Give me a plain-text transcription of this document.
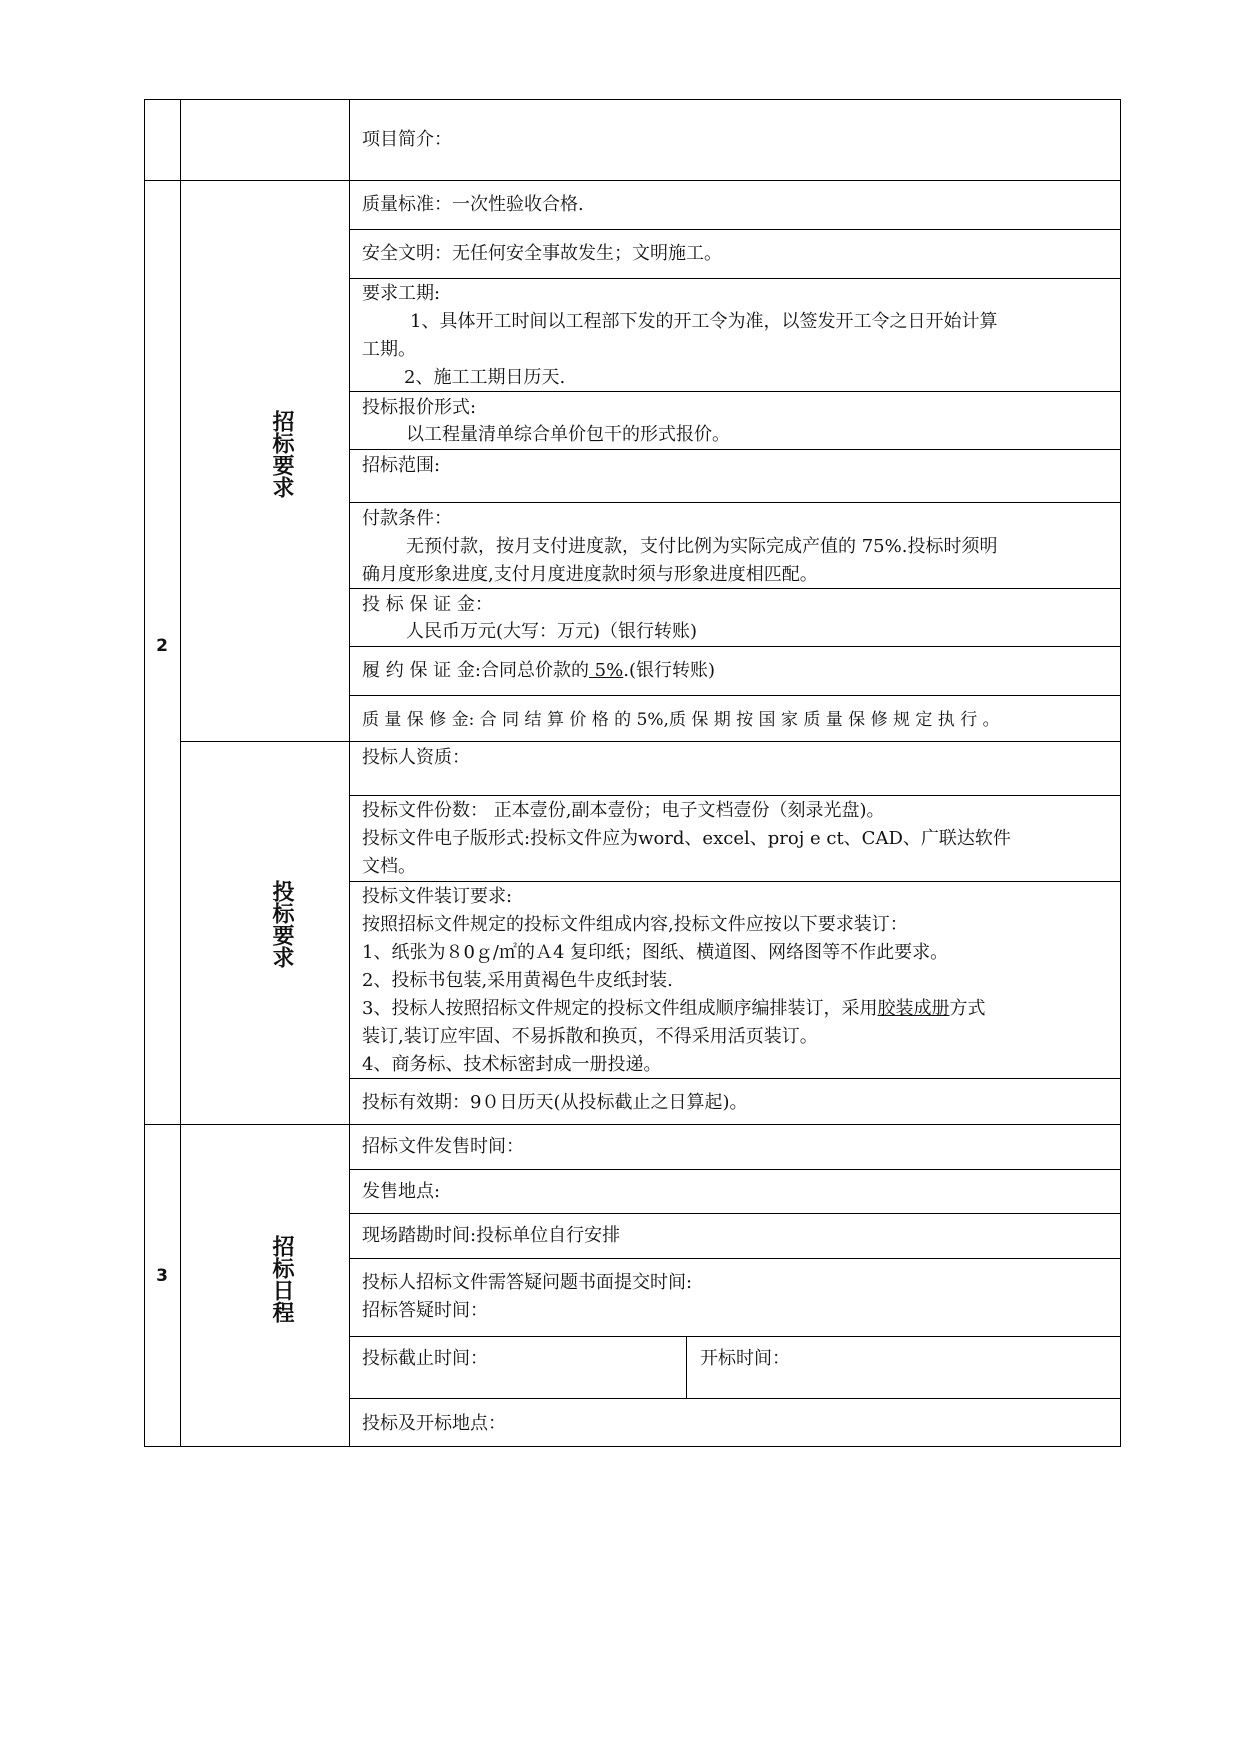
2
3
招标要求
投标要求
招标日程
项目简介：
质量标准：一次性验收合格.
安全文明：无任何安全事故发生；文明施工。
要求工期:
1、具体开工时间以工程部下发的开工令为准，以签发开工令之日开始计算
工期。
2、施工工期日历天.
投标报价形式:
以工程量清单综合单价包干的形式报价。
招标范围:
付款条件：
无预付款，按月支付进度款，支付比例为实际完成产值的 75%.投标时须明
确月度形象进度,支付月度进度款时须与形象进度相匹配。
投 标 保 证 金：
人民币万元(大写：万元)（银行转账)
履 约 保 证 金:合同总价款的 5%.(银行转账)
质 量 保 修 金: 合 同 结 算 价 格 的 5%,质 保 期 按 国 家 质 量 保 修 规 定 执 行 。
投标人资质：
投标文件份数： 正本壹份,副本壹份；电子文档壹份（刻录光盘)。
投标文件电子版形式:投标文件应为word、excel、proj e ct、CAD、广联达软件
文档。
投标文件装订要求:
按照招标文件规定的投标文件组成内容,投标文件应按以下要求装订：
1、纸张为８0ｇ/㎡的Ａ4 复印纸；图纸、横道图、网络图等不作此要求。
2、投标书包装,采用黄褐色牛皮纸封装.
3、投标人按照招标文件规定的投标文件组成顺序编排装订，采用胶装成册方式
装订,装订应牢固、不易拆散和换页，不得采用活页装订。
4、商务标、技术标密封成一册投递。
投标有效期：9０日历天(从投标截止之日算起)。
招标文件发售时间：
发售地点:
现场踏勘时间:投标单位自行安排
投标人招标文件需答疑问题书面提交时间:
招标答疑时间：
投标截止时间：	开标时间：
投标及开标地点：
